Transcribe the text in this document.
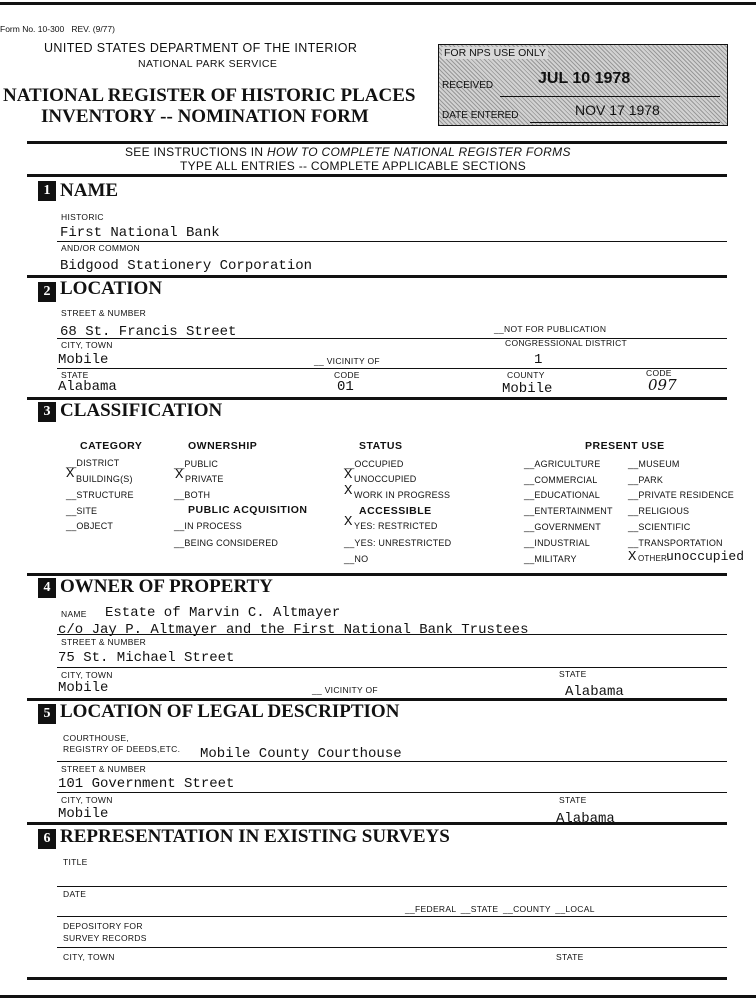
Form No. 10-300 REV. (9/77)
UNITED STATES DEPARTMENT OF THE INTERIOR
NATIONAL PARK SERVICE
NATIONAL REGISTER OF HISTORIC PLACES
INVENTORY -- NOMINATION FORM
FOR NPS USE ONLY
RECEIVED	JUL 10 1978
DATE ENTERED	NOV 17 1978
SEE INSTRUCTIONS IN HOW TO COMPLETE NATIONAL REGISTER FORMS
TYPE ALL ENTRIES -- COMPLETE APPLICABLE SECTIONS
1 NAME
HISTORIC
First National Bank
AND/OR COMMON
Bidgood Stationery Corporation
2 LOCATION
STREET & NUMBER
68 St. Francis Street	__NOT FOR PUBLICATION
CITY, TOWN	CONGRESSIONAL DISTRICT
Mobile	__ VICINITY OF	1
STATE	CODE	COUNTY	CODE
Alabama	01	Mobile	097
3 CLASSIFICATION
CATEGORY	OWNERSHIP	STATUS	PRESENT USE
__DISTRICT
X BUILDING(S)
__STRUCTURE
__SITE
__OBJECT
__PUBLIC
X PRIVATE
__BOTH
PUBLIC ACQUISITION
__IN PROCESS
__BEING CONSIDERED
__OCCUPIED
X UNOCCUPIED
X WORK IN PROGRESS
ACCESSIBLE
X YES: RESTRICTED
__YES: UNRESTRICTED
__NO
__AGRICULTURE
__COMMERCIAL
__EDUCATIONAL
__ENTERTAINMENT
__GOVERNMENT
__INDUSTRIAL
__MILITARY
__MUSEUM
__PARK
__PRIVATE RESIDENCE
__RELIGIOUS
__SCIENTIFIC
__TRANSPORTATION
X OTHER:
unoccupied
4 OWNER OF PROPERTY
NAME Estate of Marvin C. Altmayer
c/o Jay P. Altmayer and the First National Bank Trustees
STREET & NUMBER
75 St. Michael Street
CITY, TOWN	STATE
Mobile	__ VICINITY OF	Alabama
5 LOCATION OF LEGAL DESCRIPTION
COURTHOUSE,
REGISTRY OF DEEDS,ETC. Mobile County Courthouse
STREET & NUMBER
101 Government Street
CITY, TOWN	STATE
Mobile	Alabama
6 REPRESENTATION IN EXISTING SURVEYS
TITLE
DATE
__FEDERAL __STATE __COUNTY __LOCAL
DEPOSITORY FOR
SURVEY RECORDS
CITY, TOWN	STATE
